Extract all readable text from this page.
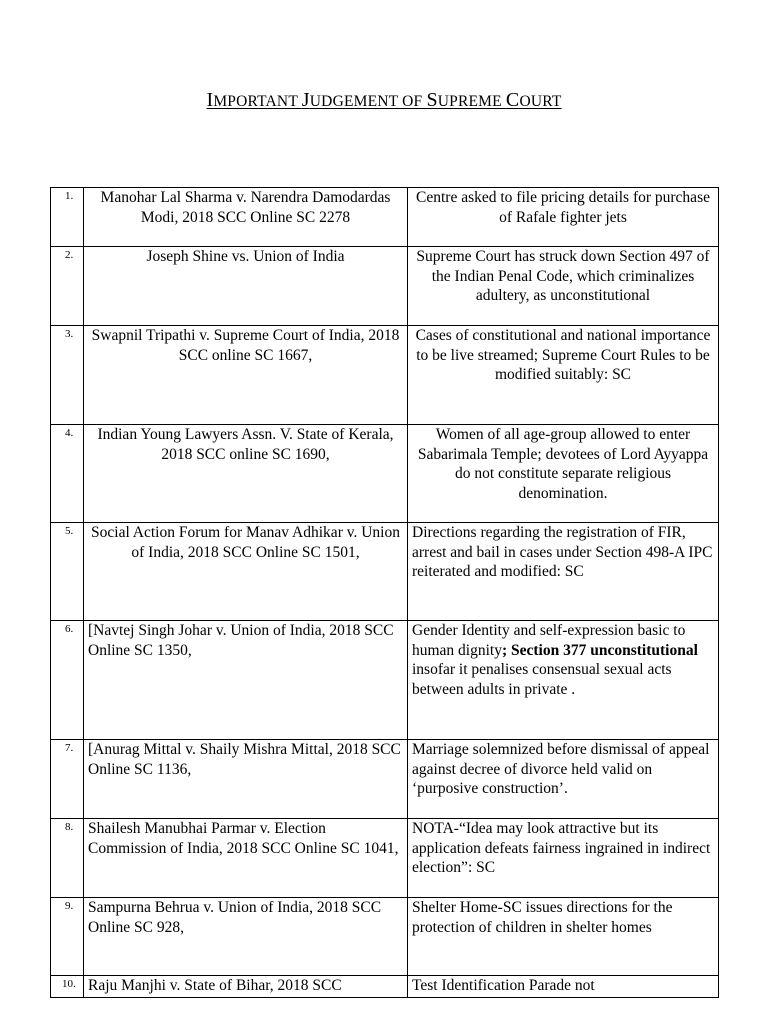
IMPORTANT JUDGEMENT OF SUPREME COURT
1.	Manohar Lal Sharma v. Narendra Damodardas Modi, 2018 SCC Online SC 2278	Centre asked to file pricing details for purchase of Rafale fighter jets
2.	Joseph Shine vs. Union of India	Supreme Court has struck down Section 497 of the Indian Penal Code, which criminalizes adultery, as unconstitutional
3.	Swapnil Tripathi v. Supreme Court of India, 2018 SCC online SC 1667,	Cases of constitutional and national importance to be live streamed; Supreme Court Rules to be modified suitably: SC
4.	Indian Young Lawyers Assn. V. State of Kerala, 2018 SCC online SC 1690,	Women of all age-group allowed to enter Sabarimala Temple; devotees of Lord Ayyappa do not constitute separate religious denomination.
5.	Social Action Forum for Manav Adhikar v. Union of India, 2018 SCC Online SC 1501,	Directions regarding the registration of FIR, arrest and bail in cases under Section 498-A IPC reiterated and modified: SC
6.	[Navtej Singh Johar v. Union of India, 2018 SCC Online SC 1350,	Gender Identity and self-expression basic to human dignity; Section 377 unconstitutional insofar it penalises consensual sexual acts between adults in private .
7.	[Anurag Mittal v. Shaily Mishra Mittal, 2018 SCC Online SC 1136,	Marriage solemnized before dismissal of appeal against decree of divorce held valid on ‘purposive construction’.
8.	Shailesh Manubhai Parmar v. Election Commission of India, 2018 SCC Online SC 1041,	NOTA-“Idea may look attractive but its application defeats fairness ingrained in indirect election”: SC
9.	Sampurna Behrua v. Union of India, 2018 SCC Online SC 928,	Shelter Home-SC issues directions for the protection of children in shelter homes
10.	Raju Manjhi v. State of Bihar, 2018 SCC	Test Identification Parade not
